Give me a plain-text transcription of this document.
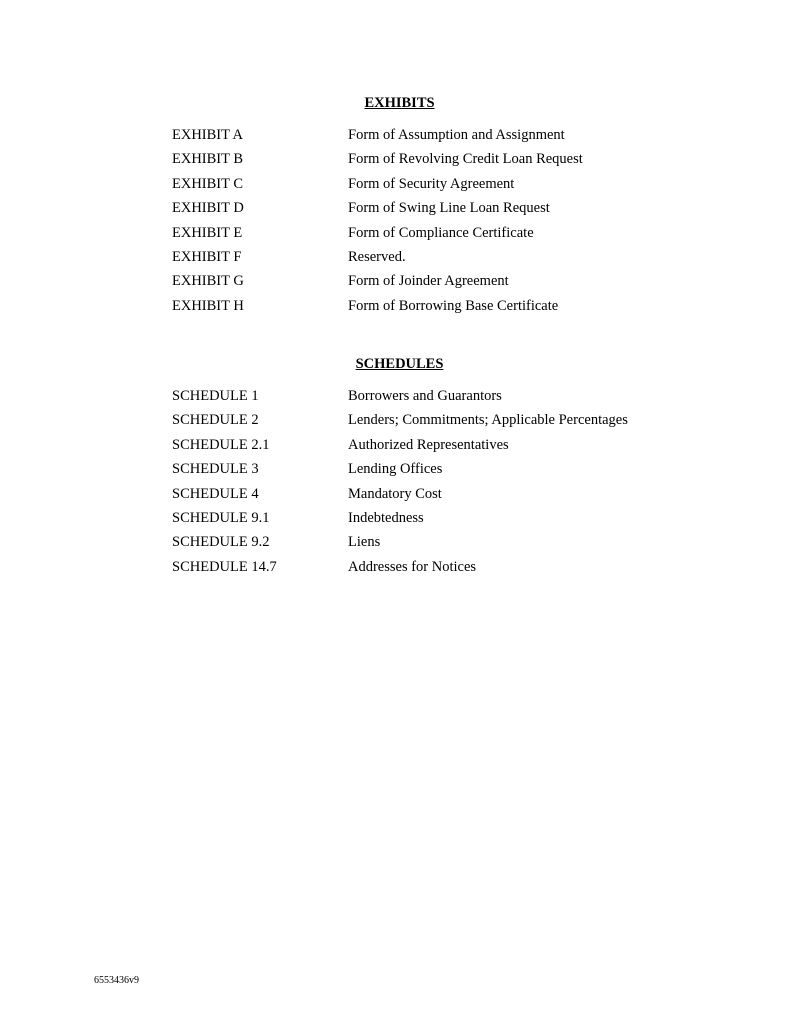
EXHIBITS
EXHIBIT A	Form of Assumption and Assignment
EXHIBIT B	Form of Revolving Credit Loan Request
EXHIBIT C	Form of Security Agreement
EXHIBIT D	Form of Swing Line Loan Request
EXHIBIT E	Form of Compliance Certificate
EXHIBIT F	Reserved.
EXHIBIT G	Form of Joinder Agreement
EXHIBIT H	Form of Borrowing Base Certificate
SCHEDULES
SCHEDULE 1	Borrowers and Guarantors
SCHEDULE 2	Lenders; Commitments; Applicable Percentages
SCHEDULE 2.1	Authorized Representatives
SCHEDULE 3	Lending Offices
SCHEDULE 4	Mandatory Cost
SCHEDULE 9.1	Indebtedness
SCHEDULE 9.2	Liens
SCHEDULE 14.7	Addresses for Notices
6553436v9
